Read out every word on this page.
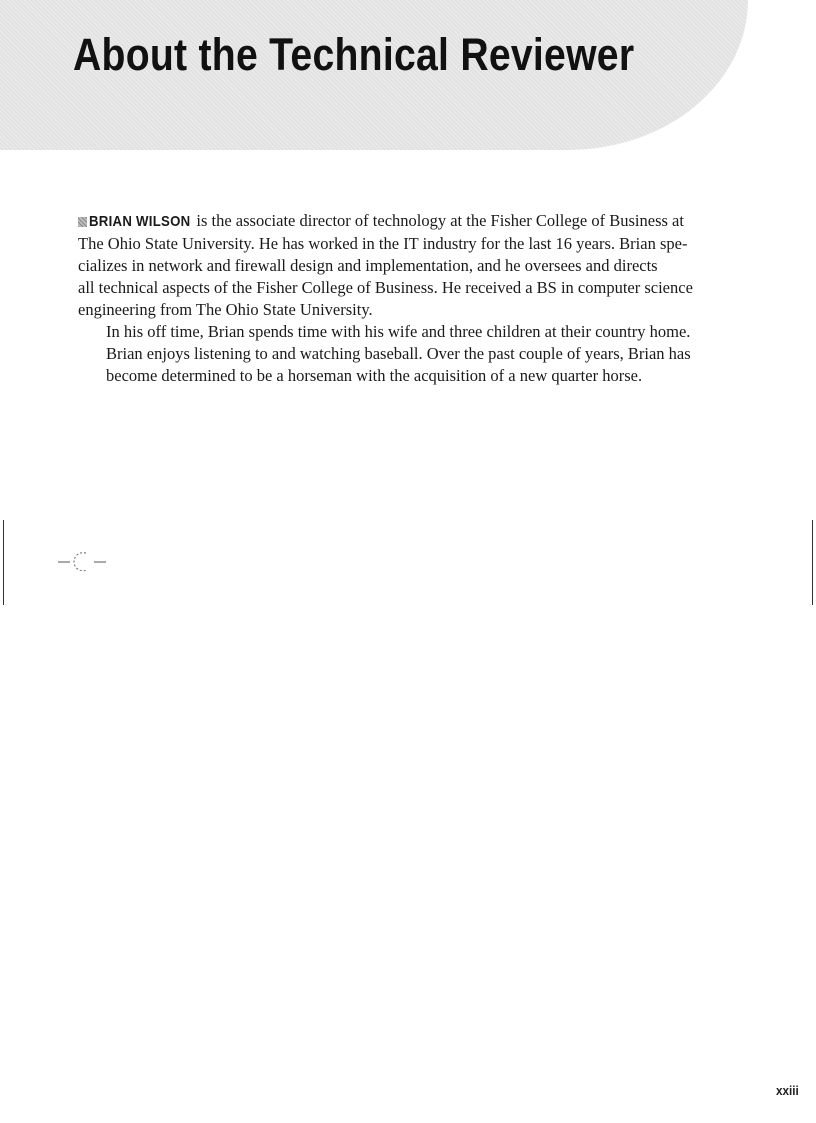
About the Technical Reviewer

BRIAN WILSON is the associate director of technology at the Fisher College of Business at
The Ohio State University. He has worked in the IT industry for the last 16 years. Brian spe-
cializes in network and firewall design and implementation, and he oversees and directs
all technical aspects of the Fisher College of Business. He received a BS in computer science
engineering from The Ohio State University.

In his off time, Brian spends time with his wife and three children at their country home.
Brian enjoys listening to and watching baseball. Over the past couple of years, Brian has
become determined to be a horseman with the acquisition of a new quarter horse.

xxiii
